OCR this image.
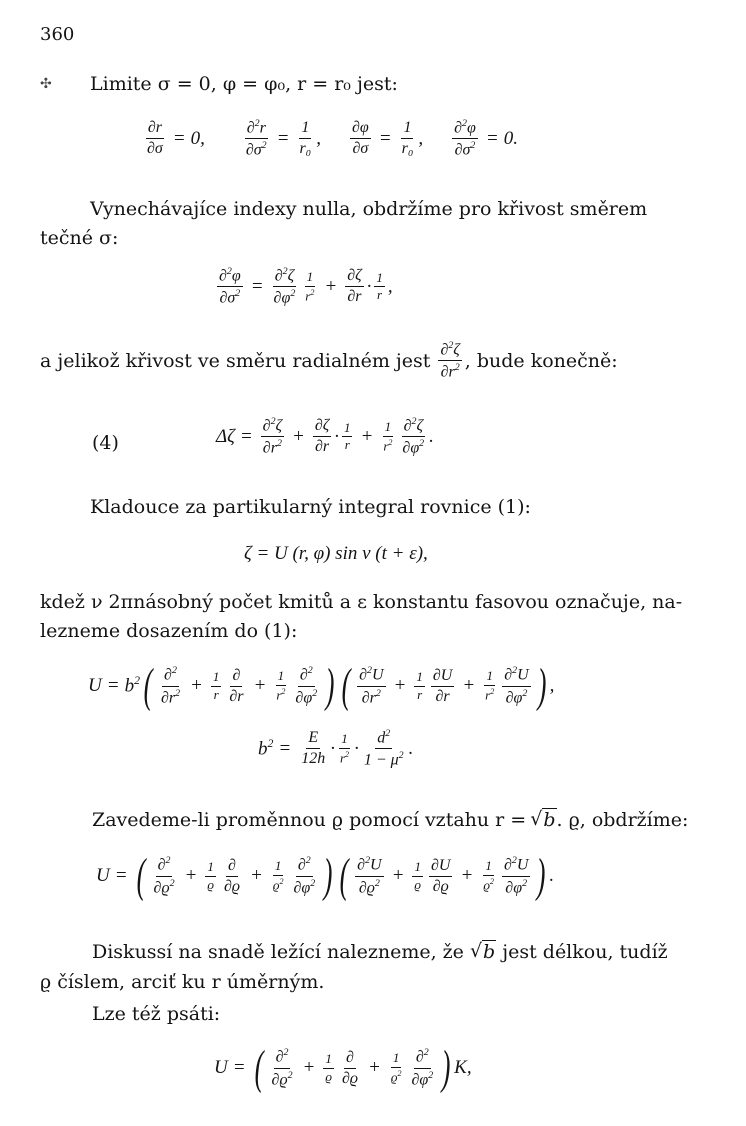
360
✣ Limite σ = 0, φ = φ₀, r = r₀ jest:
$\frac{\partial r}{\partial\sigma} = 0$, $\frac{\partial^2r}{\partial\sigma^2} = \frac{1}{\text{r₀}}$ , $\frac{\partial\varphi}{\partial\sigma} = \frac{1}{\text{r₀}}$ , $\frac{\partial^2\varphi}{\partial\sigma^2} = 0$.
Vynechávajíce indexy nulla, obdržíme pro křivost směrem
tečné σ:
$\frac{\partial^2\varphi}{\partial\sigma^2} = \frac{\partial^2\zeta}{\partial\varphi^2} \frac{1}{r^2} + \frac{\partial\zeta}{\partial r} \cdot \frac{1}{r}$ ,
a jelikož křivost ve směru radialném jest $\frac{\partial^2\zeta}{\partial r^2}$ , bude konečně:
(4)	$\Delta\zeta = \frac{\partial^2\zeta}{\partial r^2} + \frac{\partial\zeta}{\partial r} \cdot \frac{1}{r} + \frac{1}{r^2} \frac{\partial^2\zeta}{\partial\varphi^2}$ .
Kladouce za partikularný integral rovnice (1):
ζ = U (r, φ) sin ν (t + ε),
kdež ν 2πnásobný počet kmitů a ε konstantu fasovou označuje, na-
lezneme dosazením do (1):
$U = b^2$ ( $\frac{\partial^2}{\partial r^2} + \frac{1}{r} \frac{\partial}{\partial r} + \frac{1}{r^2} \frac{\partial^2}{\partial\varphi^2}$ ) ( $\frac{\partial^2U}{\partial r^2} + \frac{1}{r} \frac{\partial U}{\partial r} + \frac{1}{r^2} \frac{\partial^2U}{\partial\varphi^2}$ ) ,
$b^2 = \frac{E}{12h} \cdot \frac{1}{r^2} \cdot \frac{d^2}{1 - \mu^2}$ .
Zavedeme-li proměnnou ϱ pomocí vztahu r = √ b . ϱ, obdržíme:
U = ( $\frac{\partial^2}{\partial ϱ^2} + \frac{1}{ϱ} \frac{\partial}{\partial ϱ} + \frac{1}{ϱ^2} \frac{\partial^2}{\partial\varphi^2}$ ) ( $\frac{\partial^2U}{\partial ϱ^2} + \frac{1}{ϱ} \frac{\partial U}{\partial ϱ} + \frac{1}{ϱ^2} \frac{\partial^2U}{\partial\varphi^2}$ ) .
Diskussí na snadě ležící nalezneme, že √ b jest délkou, tudíž
ϱ číslem, arciť ku r úměrným.
Lze též psáti:
U = ( $\frac{\partial^2}{\partial ϱ^2} + \frac{1}{ϱ} \frac{\partial}{\partial ϱ} + \frac{1}{ϱ^2} \frac{\partial^2}{\partial\varphi^2}$ ) K,
